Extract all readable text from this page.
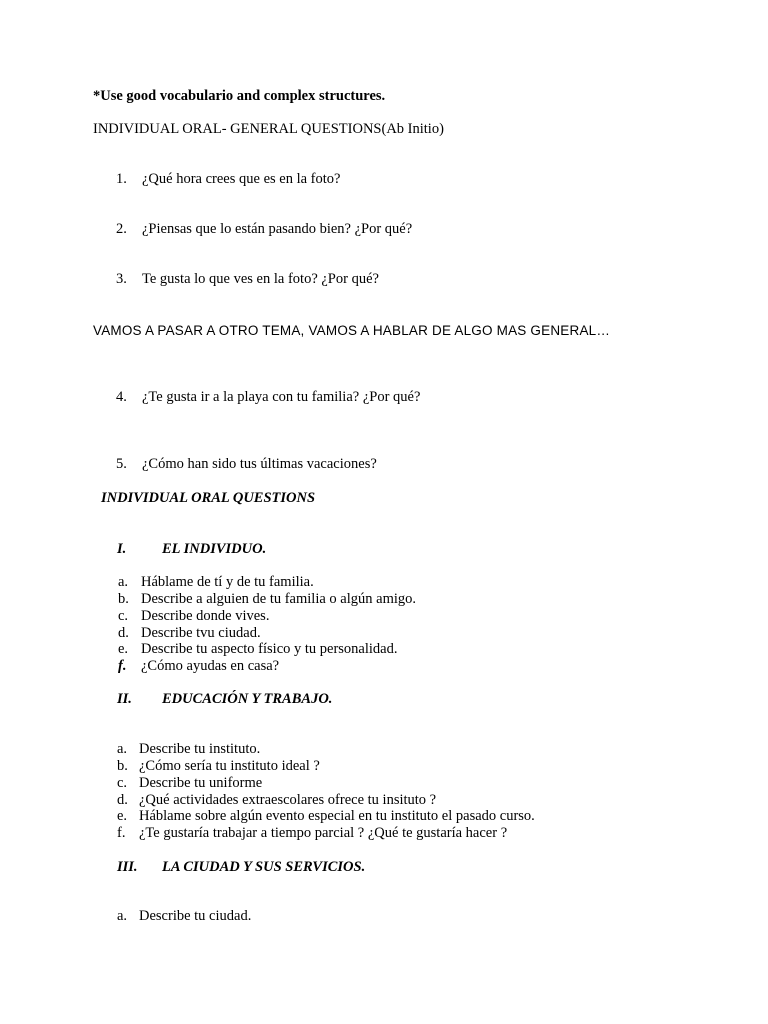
*Use good vocabulario and complex structures.
INDIVIDUAL ORAL- GENERAL QUESTIONS(Ab Initio)
1. ¿Qué hora crees que es en la foto?
2. ¿Piensas que lo están pasando bien? ¿Por qué?
3. Te gusta lo que ves en la foto? ¿Por qué?
VAMOS A PASAR A OTRO TEMA, VAMOS A HABLAR DE ALGO MAS GENERAL…
4. ¿Te gusta ir a la playa con tu familia? ¿Por qué?
5. ¿Cómo han sido tus últimas vacaciones?
INDIVIDUAL ORAL QUESTIONS
I. EL INDIVIDUO.
a. Háblame de tí y de tu familia.
b. Describe a alguien de tu familia o algún amigo.
c. Describe donde vives.
d. Describe tvu ciudad.
e. Describe tu aspecto físico y tu personalidad.
f. ¿Cómo ayudas en casa?
II. EDUCACIÓN Y TRABAJO.
a. Describe tu instituto.
b. ¿Cómo sería tu instituto ideal ?
c. Describe tu uniforme
d. ¿Qué actividades extraescolares ofrece tu insituto ?
e. Háblame sobre algún evento especial en tu instituto el pasado curso.
f. ¿Te gustaría trabajar a tiempo parcial ? ¿Qué te gustaría hacer ?
III. LA CIUDAD Y SUS SERVICIOS.
a. Describe tu ciudad.
